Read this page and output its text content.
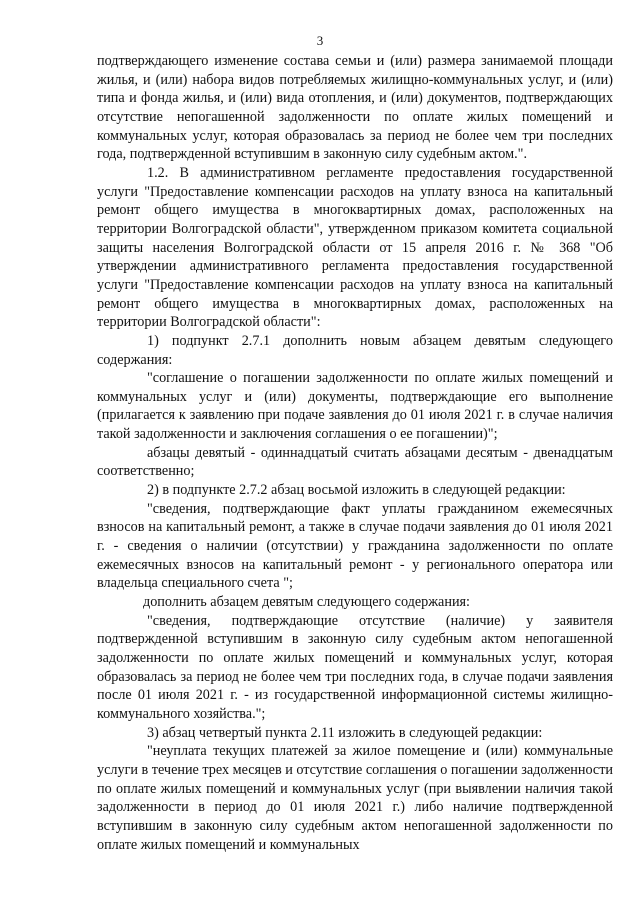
3

подтверждающего изменение состава семьи и (или) размера занимаемой площади жилья, и (или) набора видов потребляемых жилищно-коммунальных услуг, и (или) типа и фонда жилья, и (или) вида отопления, и (или) документов, подтверждающих отсутствие непогашенной задолженности по оплате жилых помещений и коммунальных услуг, которая образовалась за период не более чем три последних года, подтвержденной вступившим в законную силу судебным актом.".

1.2. В административном регламенте предоставления государственной услуги "Предоставление компенсации расходов на уплату взноса на капитальный ремонт общего имущества в многоквартирных домах, расположенных на территории Волгоградской области", утвержденном приказом комитета социальной защиты населения Волгоградской области от 15 апреля 2016 г. № 368 "Об утверждении административного регламента предоставления государственной услуги "Предоставление компенсации расходов на уплату взноса на капитальный ремонт общего имущества в многоквартирных домах, расположенных на территории Волгоградской области":

1) подпункт 2.7.1 дополнить новым абзацем девятым следующего содержания:

"соглашение о погашении задолженности по оплате жилых помещений и коммунальных услуг и (или) документы, подтверждающие его выполнение (прилагается к заявлению при подаче заявления до 01 июля 2021 г. в случае наличия такой задолженности и заключения соглашения о ее погашении)";

абзацы девятый - одиннадцатый считать абзацами десятым - двенадцатым соответственно;

2) в подпункте 2.7.2 абзац восьмой изложить в следующей редакции:

"сведения, подтверждающие факт уплаты гражданином ежемесячных взносов на капитальный ремонт, а также в случае подачи заявления до 01 июля 2021 г. - сведения о наличии (отсутствии) у гражданина задолженности по оплате ежемесячных взносов на капитальный ремонт - у регионального оператора или владельца специального счета ";

дополнить абзацем девятым следующего содержания:

"сведения, подтверждающие отсутствие (наличие) у заявителя подтвержденной вступившим в законную силу судебным актом непогашенной задолженности по оплате жилых помещений и коммунальных услуг, которая образовалась за период не более чем три последних года, в случае подачи заявления после 01 июля 2021 г. - из государственной информационной системы жилищно-коммунального хозяйства.";

3) абзац четвертый пункта 2.11 изложить в следующей редакции:

"неуплата текущих платежей за жилое помещение и (или) коммунальные услуги в течение трех месяцев и отсутствие соглашения о погашении задолженности по оплате жилых помещений и коммунальных услуг (при выявлении наличия такой задолженности в период до 01 июля 2021 г.) либо наличие подтвержденной вступившим в законную силу судебным актом непогашенной задолженности по оплате жилых помещений и коммунальных
